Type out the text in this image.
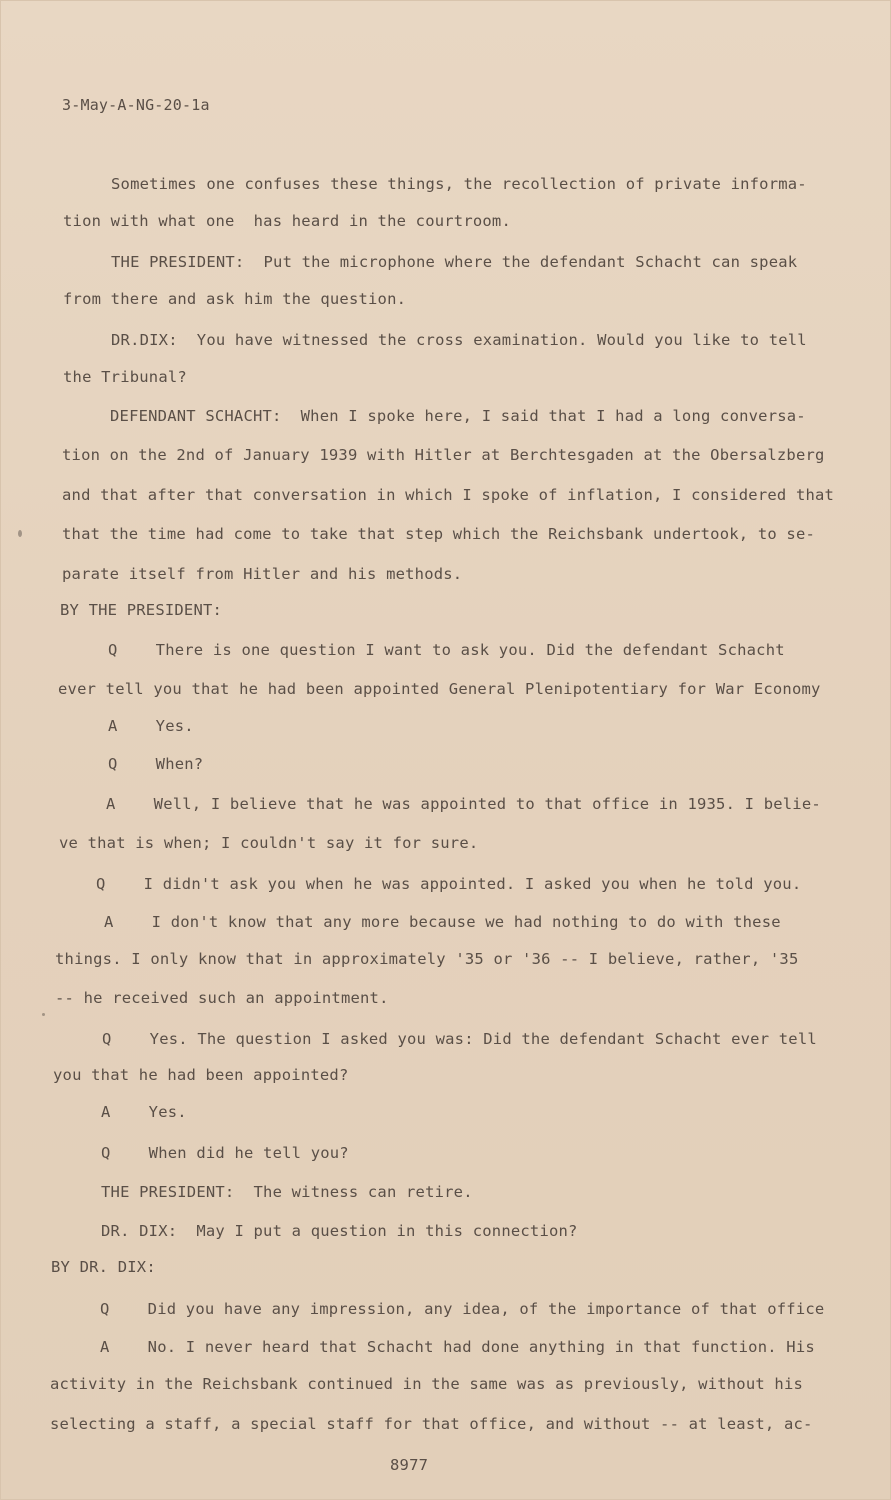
3-May-A-NG-20-1a
Sometimes one confuses these things, the recollection of private informa-
tion with what one  has heard in the courtroom.
THE PRESIDENT:  Put the microphone where the defendant Schacht can speak
from there and ask him the question.
DR.DIX:  You have witnessed the cross examination. Would you like to tell
the Tribunal?
DEFENDANT SCHACHT:  When I spoke here, I said that I had a long conversa-
tion on the 2nd of January 1939 with Hitler at Berchtesgaden at the Obersalzberg
and that after that conversation in which I spoke of inflation, I considered that
that the time had come to take that step which the Reichsbank undertook, to se-
parate itself from Hitler and his methods.
BY THE PRESIDENT:
Q    There is one question I want to ask you. Did the defendant Schacht
ever tell you that he had been appointed General Plenipotentiary for War Economy
A    Yes.
Q    When?
A    Well, I believe that he was appointed to that office in 1935. I belie-
ve that is when; I couldn't say it for sure.
Q    I didn't ask you when he was appointed. I asked you when he told you.
A    I don't know that any more because we had nothing to do with these
things. I only know that in approximately '35 or '36 -- I believe, rather, '35
-- he received such an appointment.
Q    Yes. The question I asked you was: Did the defendant Schacht ever tell
you that he had been appointed?
A    Yes.
Q    When did he tell you?
THE PRESIDENT:  The witness can retire.
DR. DIX:  May I put a question in this connection?
BY DR. DIX:
Q    Did you have any impression, any idea, of the importance of that office
A    No. I never heard that Schacht had done anything in that function. His
activity in the Reichsbank continued in the same was as previously, without his
selecting a staff, a special staff for that office, and without -- at least, ac-
8977
